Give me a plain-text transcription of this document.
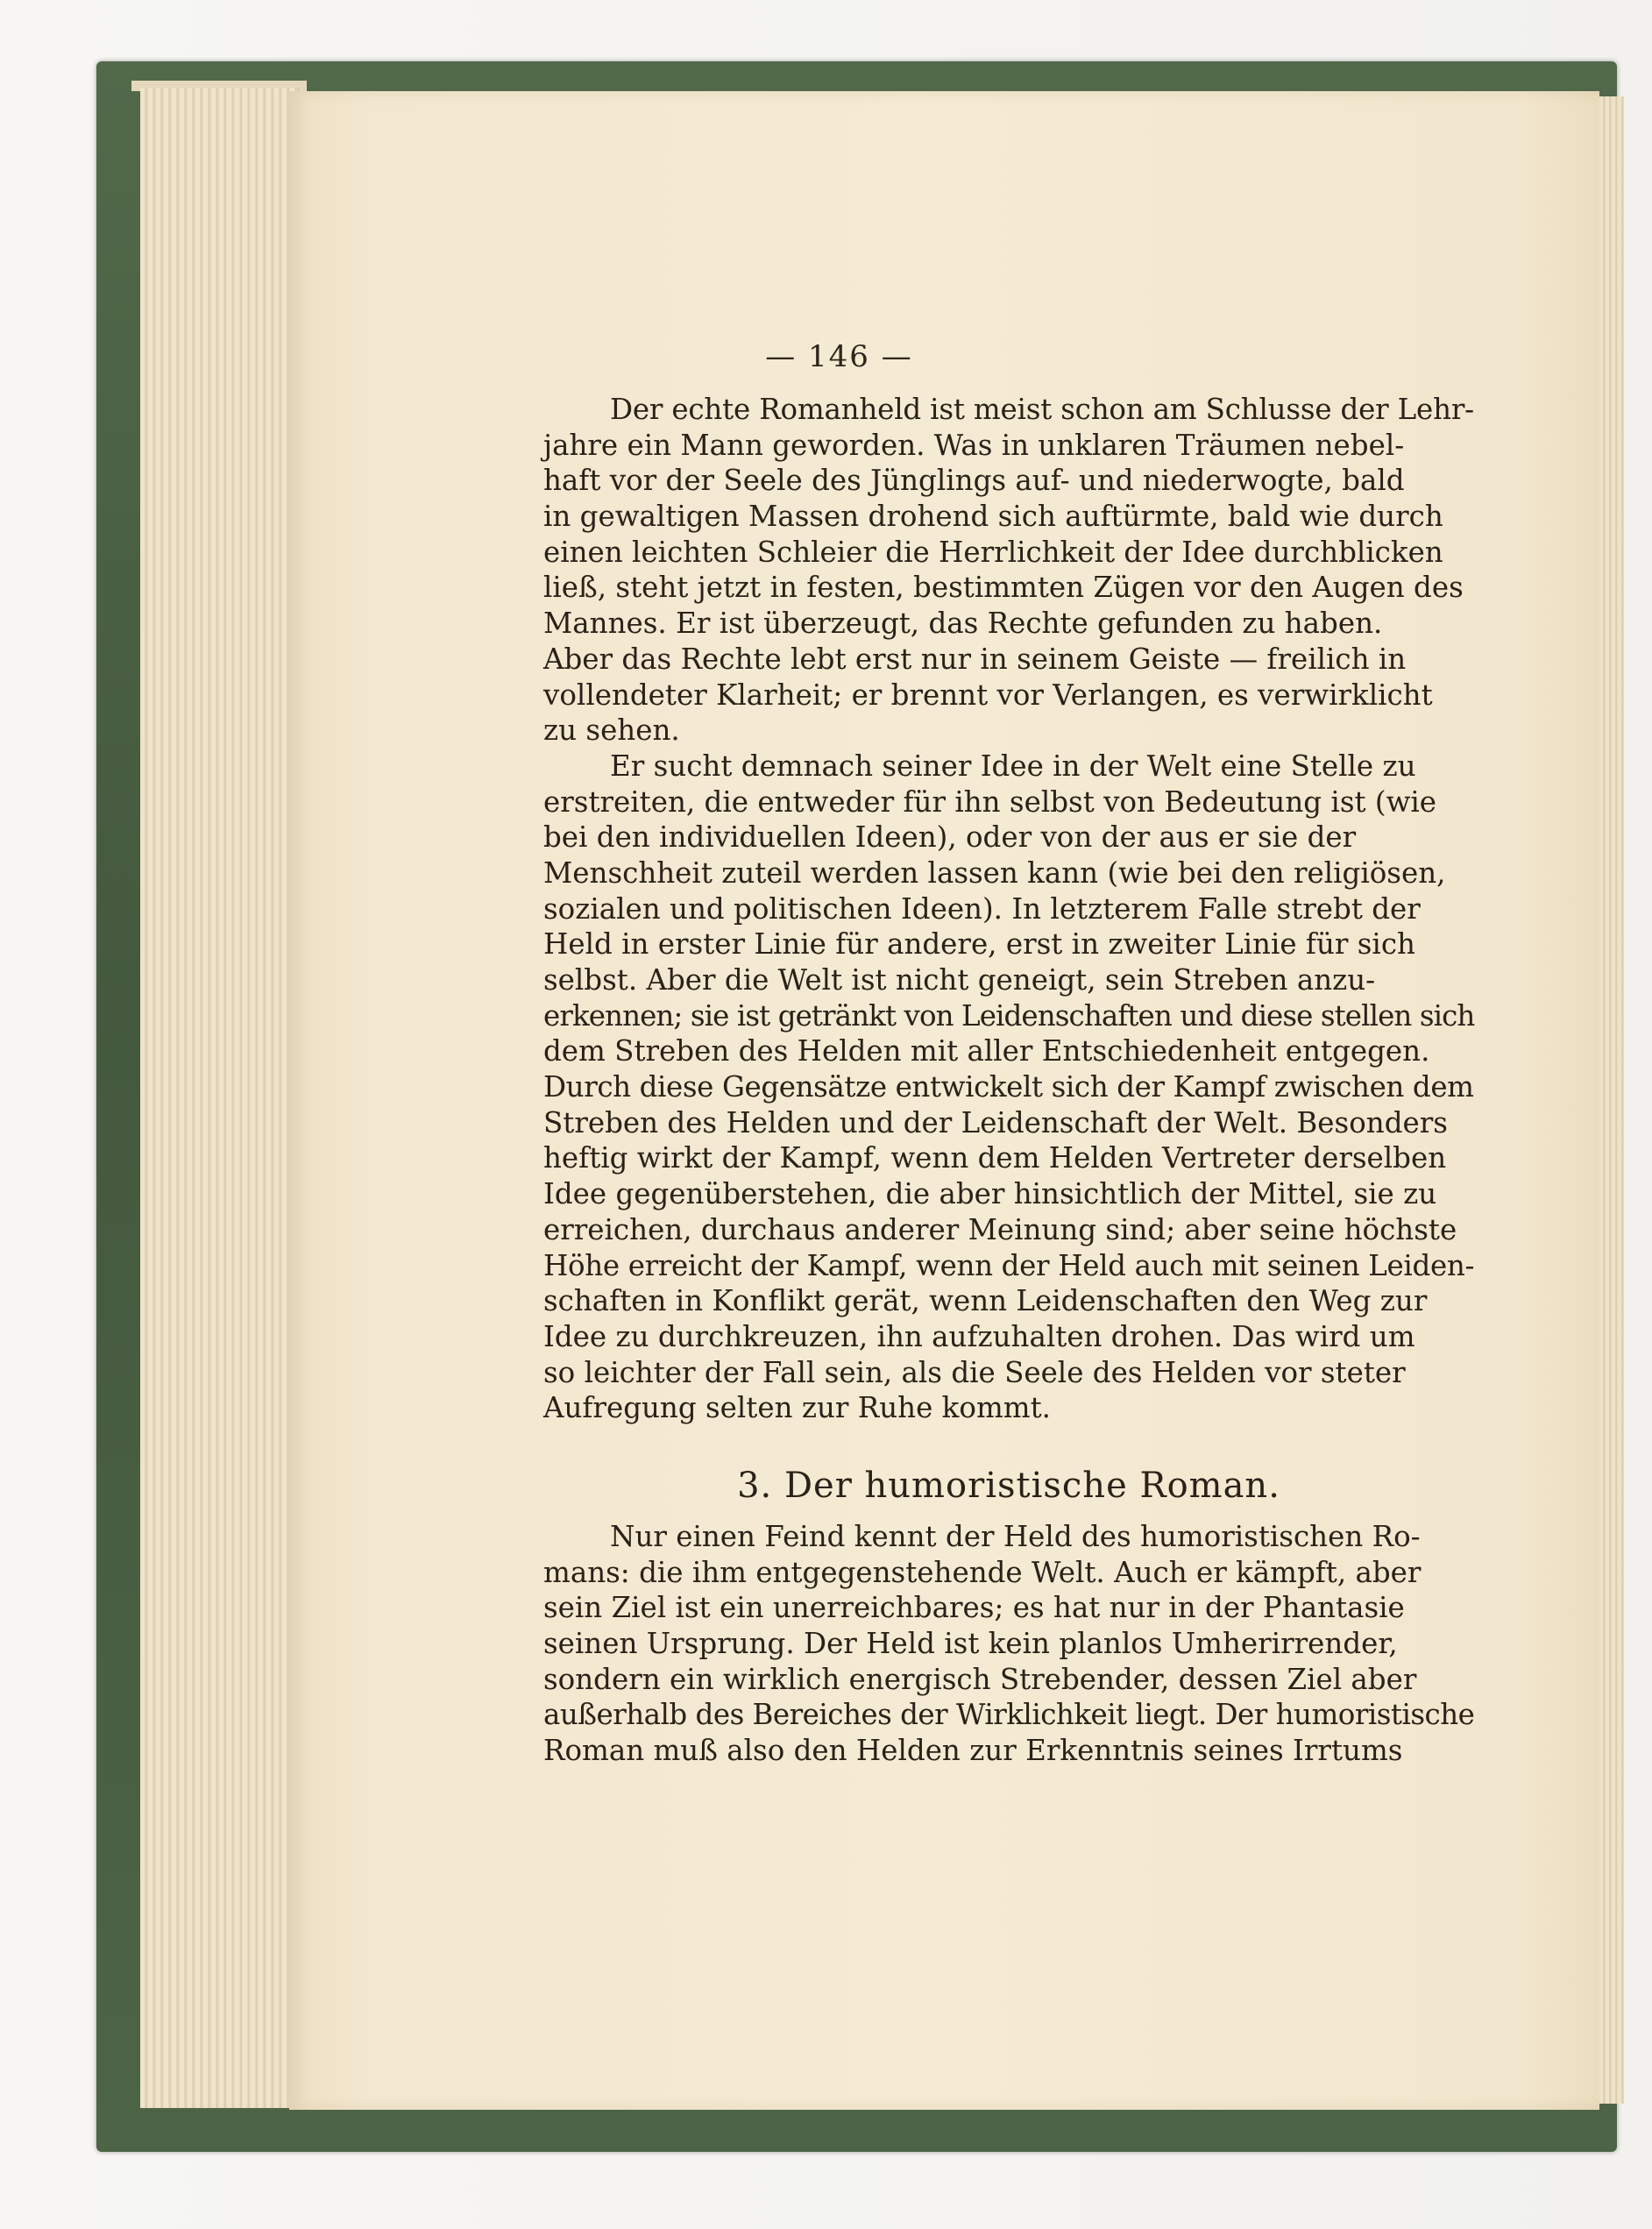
— 146 —
Der echte Romanheld ist meist schon am Schlusse der Lehr-
jahre ein Mann geworden. Was in unklaren Träumen nebel-
haft vor der Seele des Jünglings auf- und niederwogte, bald
in gewaltigen Massen drohend sich auftürmte, bald wie durch
einen leichten Schleier die Herrlichkeit der Idee durchblicken
ließ, steht jetzt in festen, bestimmten Zügen vor den Augen des
Mannes. Er ist überzeugt, das Rechte gefunden zu haben.
Aber das Rechte lebt erst nur in seinem Geiste — freilich in
vollendeter Klarheit; er brennt vor Verlangen, es verwirklicht
zu sehen.
Er sucht demnach seiner Idee in der Welt eine Stelle zu
erstreiten, die entweder für ihn selbst von Bedeutung ist (wie
bei den individuellen Ideen), oder von der aus er sie der
Menschheit zuteil werden lassen kann (wie bei den religiösen,
sozialen und politischen Ideen). In letzterem Falle strebt der
Held in erster Linie für andere, erst in zweiter Linie für sich
selbst. Aber die Welt ist nicht geneigt, sein Streben anzu-
erkennen; sie ist getränkt von Leidenschaften und diese stellen sich
dem Streben des Helden mit aller Entschiedenheit entgegen.
Durch diese Gegensätze entwickelt sich der Kampf zwischen dem
Streben des Helden und der Leidenschaft der Welt. Besonders
heftig wirkt der Kampf, wenn dem Helden Vertreter derselben
Idee gegenüberstehen, die aber hinsichtlich der Mittel, sie zu
erreichen, durchaus anderer Meinung sind; aber seine höchste
Höhe erreicht der Kampf, wenn der Held auch mit seinen Leiden-
schaften in Konflikt gerät, wenn Leidenschaften den Weg zur
Idee zu durchkreuzen, ihn aufzuhalten drohen. Das wird um
so leichter der Fall sein, als die Seele des Helden vor steter
Aufregung selten zur Ruhe kommt.
3. Der humoristische Roman.
Nur einen Feind kennt der Held des humoristischen Ro-
mans: die ihm entgegenstehende Welt. Auch er kämpft, aber
sein Ziel ist ein unerreichbares; es hat nur in der Phantasie
seinen Ursprung. Der Held ist kein planlos Umherirrender,
sondern ein wirklich energisch Strebender, dessen Ziel aber
außerhalb des Bereiches der Wirklichkeit liegt. Der humoristische
Roman muß also den Helden zur Erkenntnis seines Irrtums
